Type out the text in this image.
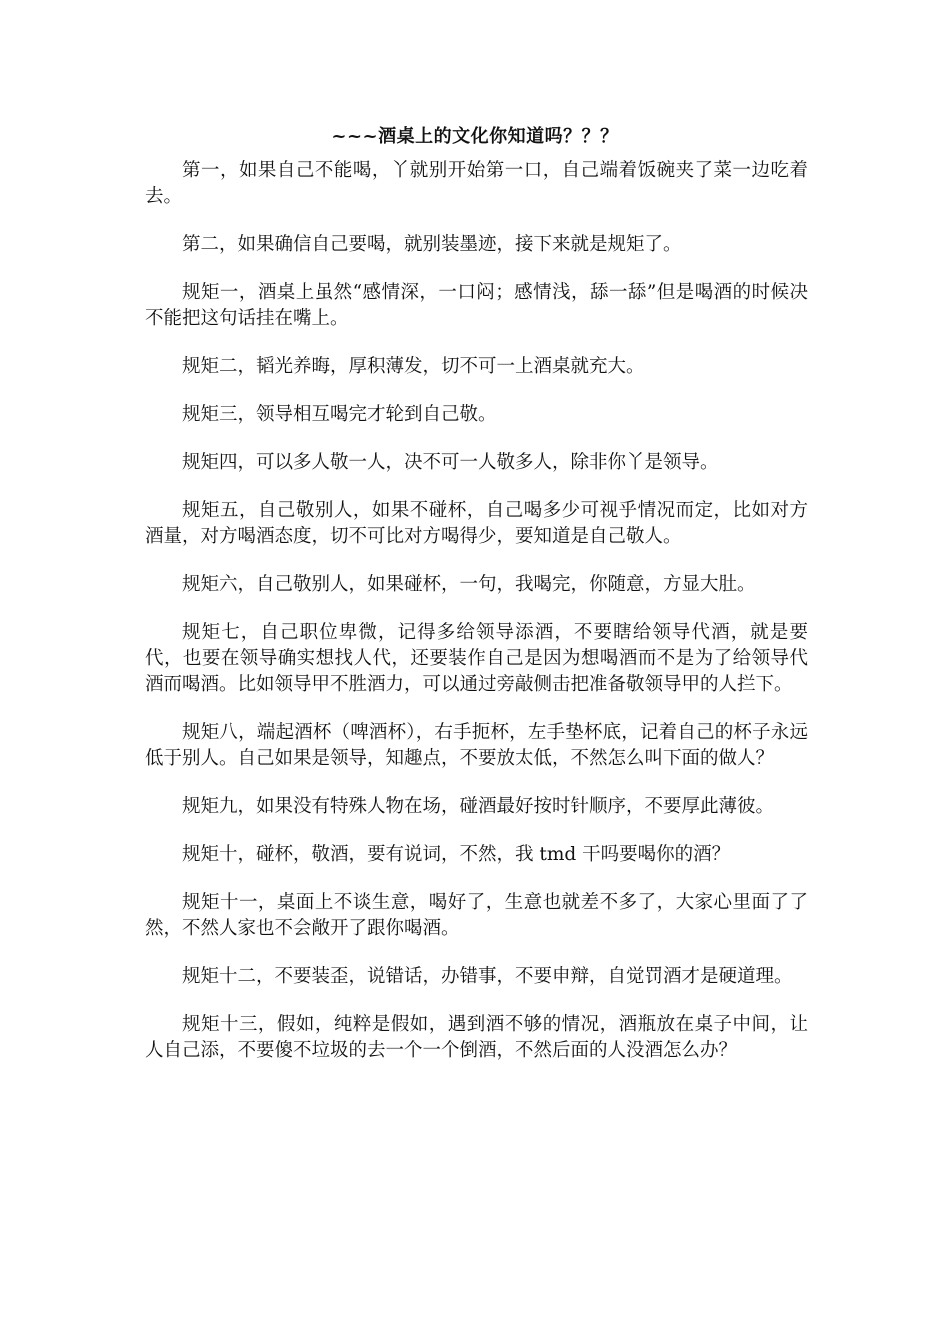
~~~酒桌上的文化你知道吗？？？

第一，如果自己不能喝，丫就别开始第一口，自己端着饭碗夹了菜一边吃着去。

第二，如果确信自己要喝，就别装墨迹，接下来就是规矩了。

规矩一，酒桌上虽然“感情深，一口闷；感情浅，舔一舔”但是喝酒的时候决不能把这句话挂在嘴上。

规矩二，韬光养晦，厚积薄发，切不可一上酒桌就充大。

规矩三，领导相互喝完才轮到自己敬。

规矩四，可以多人敬一人，决不可一人敬多人，除非你丫是领导。

规矩五，自己敬别人，如果不碰杯，自己喝多少可视乎情况而定，比如对方酒量，对方喝酒态度，切不可比对方喝得少，要知道是自己敬人。

规矩六，自己敬别人，如果碰杯，一句，我喝完，你随意，方显大肚。

规矩七，自己职位卑微，记得多给领导添酒，不要瞎给领导代酒，就是要代，也要在领导确实想找人代，还要装作自己是因为想喝酒而不是为了给领导代酒而喝酒。比如领导甲不胜酒力，可以通过旁敲侧击把准备敬领导甲的人拦下。

规矩八，端起酒杯（啤酒杯），右手扼杯，左手垫杯底，记着自己的杯子永远低于别人。自己如果是领导，知趣点，不要放太低，不然怎么叫下面的做人？

规矩九，如果没有特殊人物在场，碰酒最好按时针顺序，不要厚此薄彼。

规矩十，碰杯，敬酒，要有说词，不然，我 tmd 干吗要喝你的酒？

规矩十一，桌面上不谈生意，喝好了，生意也就差不多了，大家心里面了了然，不然人家也不会敞开了跟你喝酒。

规矩十二，不要装歪，说错话，办错事，不要申辩，自觉罚酒才是硬道理。

规矩十三，假如，纯粹是假如，遇到酒不够的情况，酒瓶放在桌子中间，让人自己添，不要傻不垃圾的去一个一个倒酒，不然后面的人没酒怎么办？
